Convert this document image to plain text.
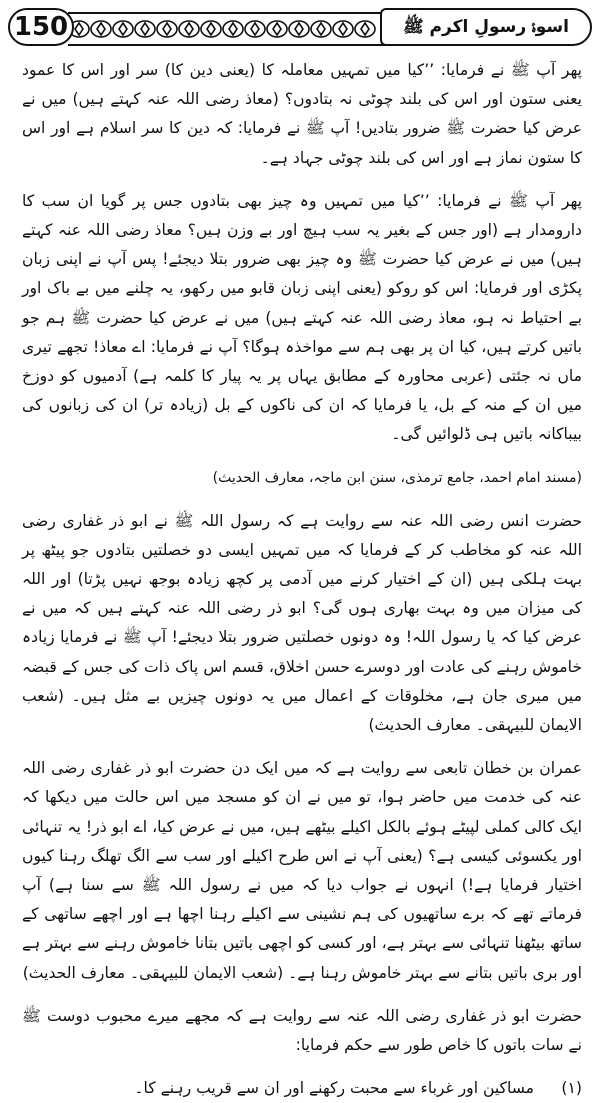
150	اسوۂ رسولِ اکرم ﷺ

پھر آپ ﷺ نے فرمایا: ’’کیا میں تمہیں معاملہ کا (یعنی دین کا) سر اور اس کا عمود یعنی ستون اور اس کی بلند چوٹی نہ بتادوں؟ (معاذ رضی اللہ عنہ کہتے ہیں) میں نے عرض کیا حضرت ﷺ ضرور بتادیں! آپ ﷺ نے فرمایا: کہ دین کا سر اسلام ہے اور اس کا ستون نماز ہے اور اس کی بلند چوٹی جہاد ہے۔

پھر آپ ﷺ نے فرمایا: ’’کیا میں تمہیں وہ چیز بھی بتادوں جس پر گویا ان سب کا دارومدار ہے (اور جس کے بغیر یہ سب ہیچ اور بے وزن ہیں؟ معاذ رضی اللہ عنہ کہتے ہیں) میں نے عرض کیا حضرت ﷺ وہ چیز بھی ضرور بتلا دیجئے! پس آپ نے اپنی زبان پکڑی اور فرمایا: اس کو روکو (یعنی اپنی زبان قابو میں رکھو، یہ چلنے میں بے باک اور بے احتیاط نہ ہو، معاذ رضی اللہ عنہ کہتے ہیں) میں نے عرض کیا حضرت ﷺ ہم جو باتیں کرتے ہیں، کیا ان پر بھی ہم سے مواخذہ ہوگا؟ آپ نے فرمایا: اے معاذ! تجھے تیری ماں نہ جئتی (عربی محاورہ کے مطابق یہاں پر یہ پیار کا کلمہ ہے) آدمیوں کو دوزخ میں ان کے منہ کے بل، یا فرمایا کہ ان کی ناکوں کے بل (زیادہ تر) ان کی زبانوں کی بیباکانہ باتیں ہی ڈلوائیں گی۔

(مسند امام احمد، جامع ترمذی، سنن ابن ماجہ، معارف الحدیث)

حضرت انس رضی اللہ عنہ سے روایت ہے کہ رسول اللہ ﷺ نے ابو ذر غفاری رضی اللہ عنہ کو مخاطب کر کے فرمایا کہ میں تمہیں ایسی دو خصلتیں بتادوں جو پیٹھ پر بہت ہلکی ہیں (ان کے اختیار کرنے میں آدمی پر کچھ زیادہ بوجھ نہیں پڑتا) اور اللہ کی میزان میں وہ بہت بھاری ہوں گی؟ ابو ذر رضی اللہ عنہ کہتے ہیں کہ میں نے عرض کیا کہ یا رسول اللہ! وہ دونوں خصلتیں ضرور بتلا دیجئے! آپ ﷺ نے فرمایا زیادہ خاموش رہنے کی عادت اور دوسرے حسن اخلاق، قسم اس پاک ذات کی جس کے قبضہ میں میری جان ہے، مخلوقات کے اعمال میں یہ دونوں چیزیں بے مثل ہیں۔ (شعب الایمان للبیہقی۔ معارف الحدیث)

عمران بن خطان تابعی سے روایت ہے کہ میں ایک دن حضرت ابو ذر غفاری رضی اللہ عنہ کی خدمت میں حاضر ہوا، تو میں نے ان کو مسجد میں اس حالت میں دیکھا کہ ایک کالی کملی لپیٹے ہوئے بالکل اکیلے بیٹھے ہیں، میں نے عرض کیا، اے ابو ذر! یہ تنہائی اور یکسوئی کیسی ہے؟ (یعنی آپ نے اس طرح اکیلے اور سب سے الگ تھلگ رہنا کیوں اختیار فرمایا ہے!) انہوں نے جواب دیا کہ میں نے رسول اللہ ﷺ سے سنا ہے) آپ فرماتے تھے کہ برے ساتھیوں کی ہم نشینی سے اکیلے رہنا اچھا ہے اور اچھے ساتھی کے ساتھ بیٹھنا تنہائی سے بہتر ہے، اور کسی کو اچھی باتیں بتانا خاموش رہنے سے بہتر ہے اور بری باتیں بتانے سے بہتر خاموش رہنا ہے۔ (شعب الایمان للبیہقی۔ معارف الحدیث)

حضرت ابو ذر غفاری رضی اللہ عنہ سے روایت ہے کہ مجھے میرے محبوب دوست ﷺ نے سات باتوں کا خاص طور سے حکم فرمایا:

(۱)
مساکین اور غرباء سے محبت رکھنے اور ان سے قریب رہنے کا۔
